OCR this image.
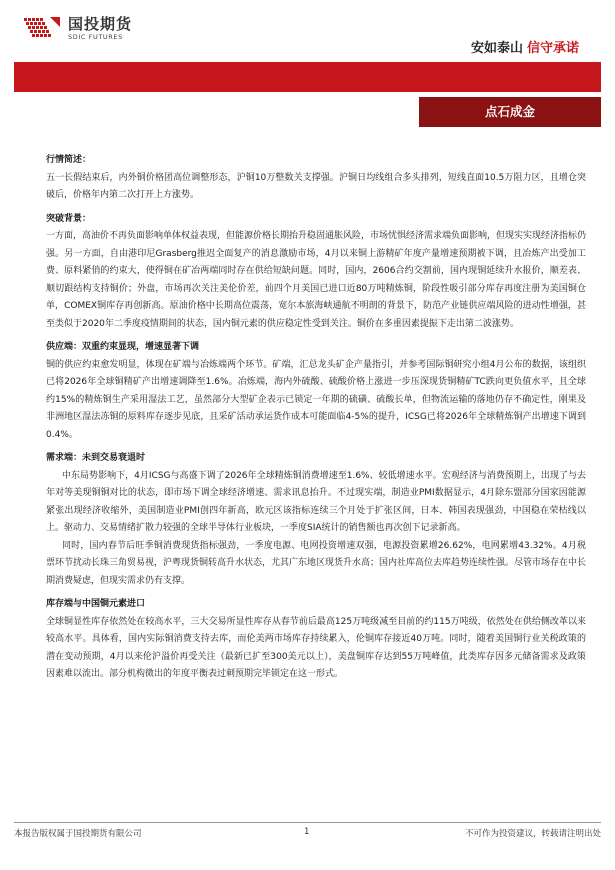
国投期货
SDIC FUTURES
安如泰山 信守承诺
点石成金
行情简述：

五一长假结束后，内外铜价格团高位调整形态，沪铜10万整数关支撑强。沪铜日均线组合多头排列，短线直面10.5万阻力区，且增仓突破后，价格年内第二次打开上方涨势。

突破背景：

一方面，高油价不再负面影响单体权益表现，但能源价格长期抬升稳固通胀风险，市场忧惧经济需求端负面影响，但现实实现经济指标仍强。另一方面，自由港印尼Grasberg推迟全面复产的消息激励市场，4月以来铜上游精矿年度产量增速预期被下调，且冶炼产出受加工费、原料紧俏的约束大，使得铜在矿冶两端同时存在供给短缺问题。同时，国内，2606合约交割前，国内现铜延续升水报价，顺差表、顺切跟结构支持铜价；外盘，市场再次关注美伦价差，前四个月美国已进口近80万吨精炼铜，阶段性吸引部分库存再度注册为美国铜仓单，COMEX铜库存再创新高。原油价格中长期高位震荡，宽尔本旅海峡通航不明朗的背景下，防范产业链供应端风险的进动性增强，甚至类似于2020年二季度疫情期间的状态，国内铜元素的供应稳定性受到关注。铜价在多重因素提振下走出第二波涨势。

供应端：双重约束显现，增速显著下调

铜的供应约束愈发明显，体现在矿端与冶炼端两个环节。矿端，汇总龙头矿企产量指引，并参考国际铜研究小组4月公布的数据，该组织已将2026年全球铜精矿产出增速调降至1.6%。冶炼端，海内外硫酸、硫酸价格上涨进一步压深现货铜精矿TC跌向更负值水平，且全球约15%的精炼铜生产采用湿法工艺，虽然部分大型矿企表示已锁定一年期的硫磺、硫酸长单，但物流运输的落地仍存不确定性，刚果及非洲地区湿法冻铜的原料库存逐步见底，且采矿活动承运货作成本可能面临4-5%的提升，ICSG已将2026年全球精炼铜产出增速下调到0.4%。

需求端：未到交易衰退时

中东局势影响下，4月ICSG与高盛下调了2026年全球精炼铜消费增速至1.6%、较低增速水平。宏观经济与消费预期上，出现了与去年对等美现铜铜对比的状态，即市场下调全球经济增速、需求讯息抬升。不过现实端，制造业PMI数据显示，4月除东盟部分国家因能源紧张出现经济收缩外，美国制造业PMI创四年新高，欧元区该指标连续三个月处于扩张区间，日本、韩国表现强劲，中国稳在荣枯线以上。驱动力、交易情绪扩散力较强的全球半导体行业板块，一季度SIA统计的销售额也再次创下记录新高。

同时，国内春节后旺季铜消费现货指标强劲，一季度电源、电网投资增速双强，电源投资累增26.62%，电网累增43.32%。4月税票环节扰动长珠三角贸易视，沪粤现货铜转高升水状态，尤其广东地区现货升水高；国内社库高位去库趋势连续性强。尽管市场存在中长期消费疑虑，但现实需求仍有支撑。

库存端与中国铜元素进口

全球铜显性库存依然处在较高水平，三大交易所显性库存从春节前后最高125万吨级减至目前的约115万吨级，依然处在供给侧改革以来较高水平。具体看，国内实际铜消费支持去库，而伦美两市场库存持续累入，伦铜库存接近40万吨。同时，随着美国铜行业关税政策的潜在变动预期，4月以来伦沪溢价再受关注（最新已扩至300美元以上），美盘铜库存达到55万吨峰值，此类库存因多元储备需求及政策因素难以流出。部分机构微出的年度平衡表过刺预期完毕锁定在这一形式。

本报告版权属于国投期货有限公司	1	不可作为投资建议，转载请注明出处
